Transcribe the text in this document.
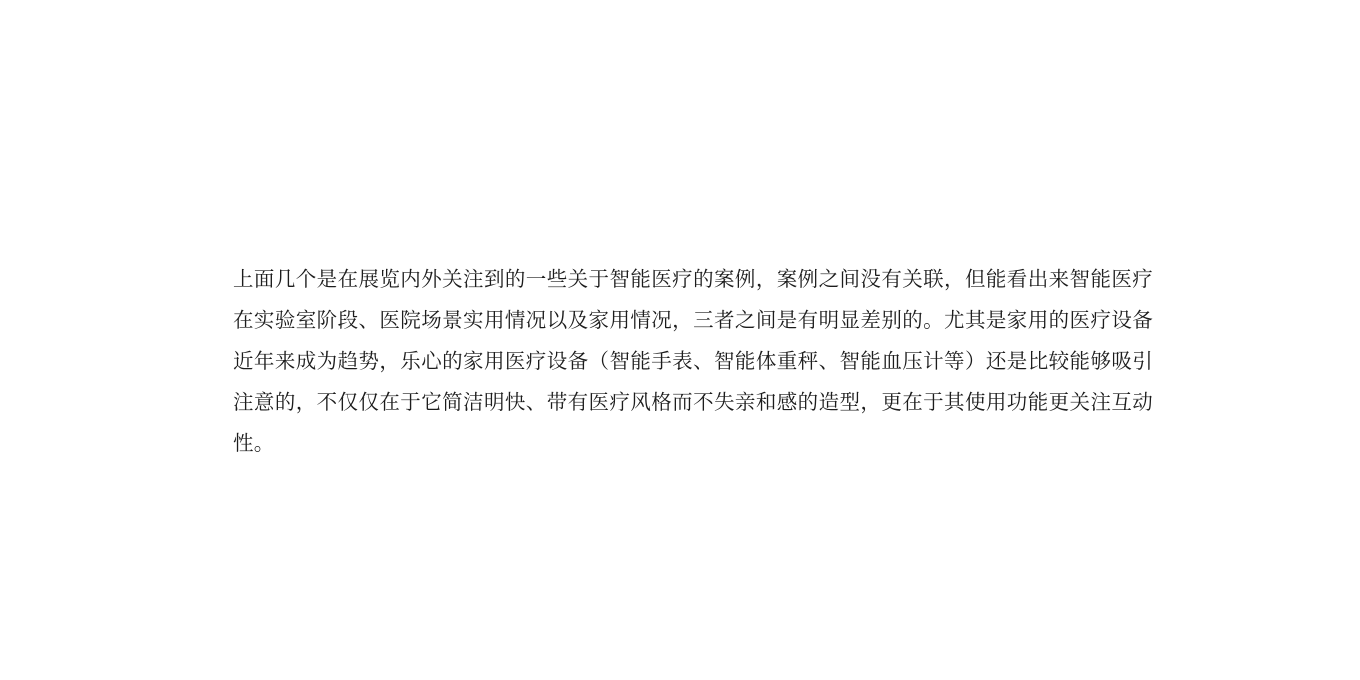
上面几个是在展览内外关注到的一些关于智能医疗的案例，案例之间没有关联，但能看出来智能医疗在实验室阶段、医院场景实用情况以及家用情况，三者之间是有明显差别的。尤其是家用的医疗设备近年来成为趋势，乐心的家用医疗设备（智能手表、智能体重秤、智能血压计等）还是比较能够吸引注意的，不仅仅在于它简洁明快、带有医疗风格而不失亲和感的造型，更在于其使用功能更关注互动性。
